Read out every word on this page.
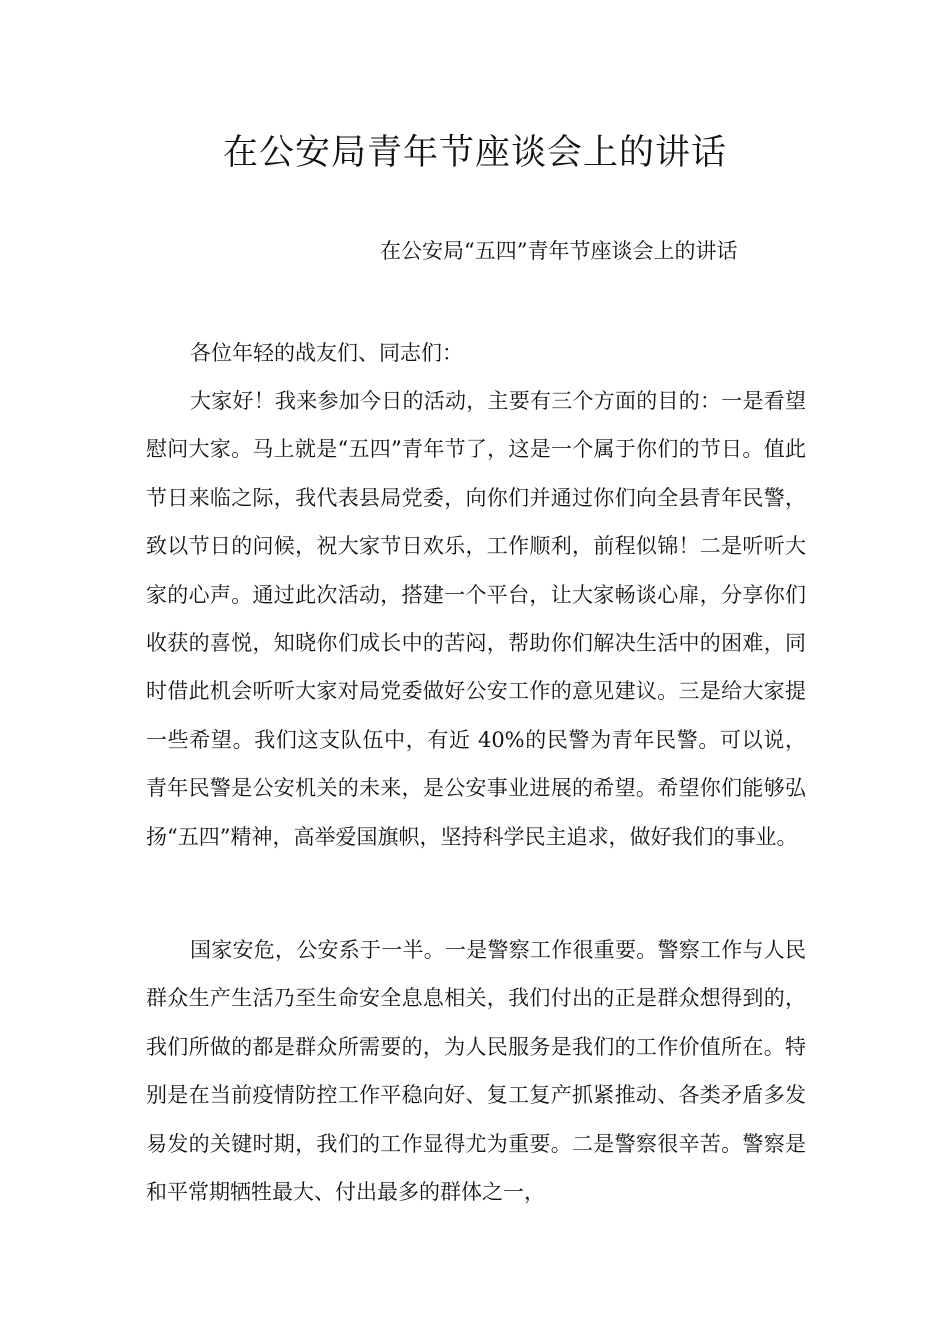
在公安局青年节座谈会上的讲话

在公安局“五四”青年节座谈会上的讲话

各位年轻的战友们、同志们：

大家好！我来参加今日的活动，主要有三个方面的目的：一是看望慰问大家。马上就是“五四”青年节了，这是一个属于你们的节日。值此节日来临之际，我代表县局党委，向你们并通过你们向全县青年民警，致以节日的问候，祝大家节日欢乐，工作顺利，前程似锦！二是听听大家的心声。通过此次活动，搭建一个平台，让大家畅谈心扉，分享你们收获的喜悦，知晓你们成长中的苦闷，帮助你们解决生活中的困难，同时借此机会听听大家对局党委做好公安工作的意见建议。三是给大家提一些希望。我们这支队伍中，有近 40%的民警为青年民警。可以说，青年民警是公安机关的未来，是公安事业进展的希望。希望你们能够弘扬“五四”精神，高举爱国旗帜，坚持科学民主追求，做好我们的事业。

国家安危，公安系于一半。一是警察工作很重要。警察工作与人民群众生产生活乃至生命安全息息相关，我们付出的正是群众想得到的，我们所做的都是群众所需要的，为人民服务是我们的工作价值所在。特别是在当前疫情防控工作平稳向好、复工复产抓紧推动、各类矛盾多发易发的关键时期，我们的工作显得尤为重要。二是警察很辛苦。警察是和平常期牺牲最大、付出最多的群体之一，
